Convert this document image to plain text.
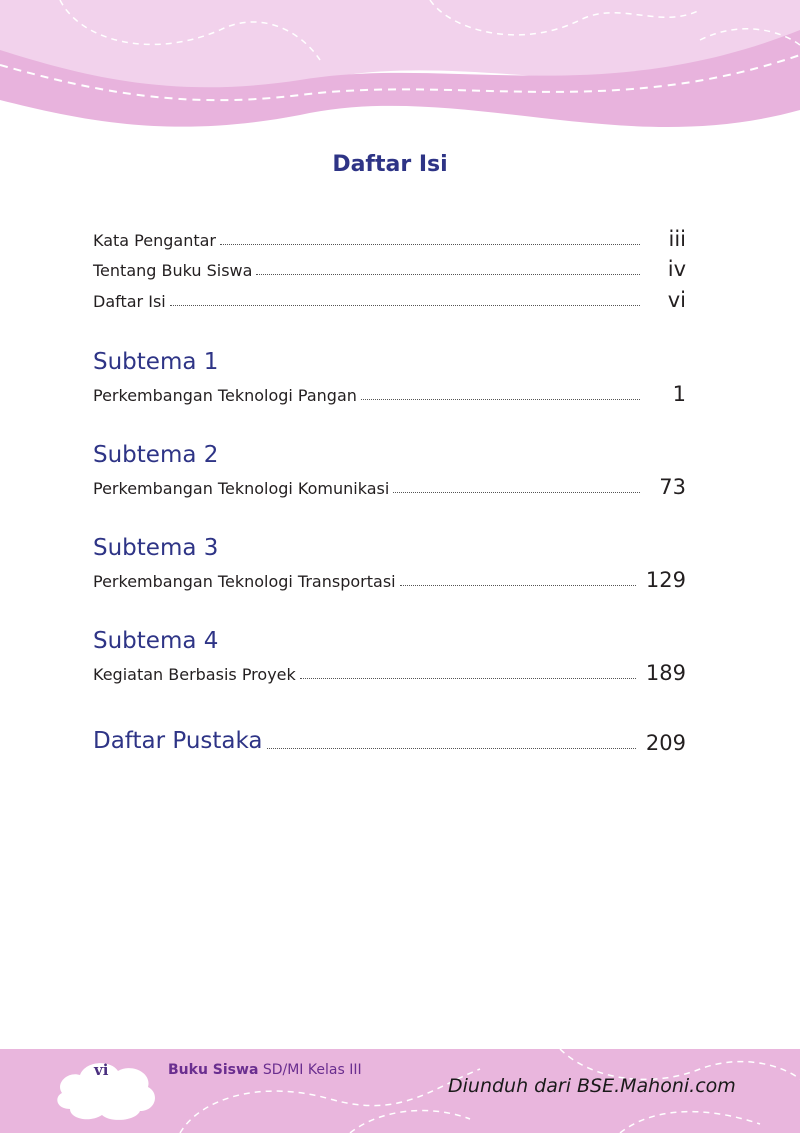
Daftar Isi
Kata Pengantar	iii
Tentang Buku Siswa	iv
Daftar Isi	vi
Subtema 1
Perkembangan Teknologi Pangan	1
Subtema 2
Perkembangan Teknologi Komunikasi	73
Subtema 3
Perkembangan Teknologi Transportasi	129
Subtema 4
Kegiatan Berbasis Proyek	189
Daftar Pustaka	209
vi	Buku Siswa SD/MI Kelas III
Diunduh dari BSE.Mahoni.com
